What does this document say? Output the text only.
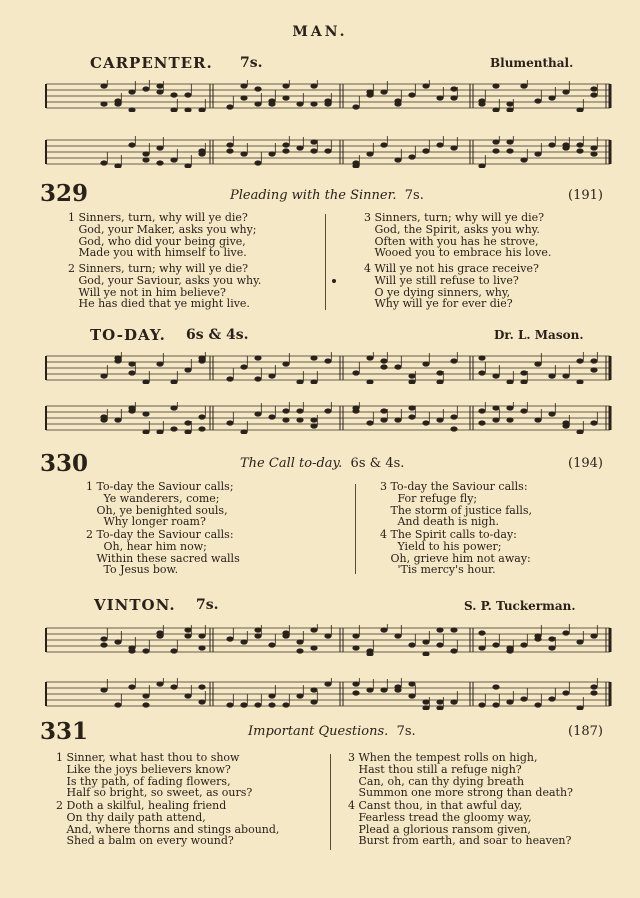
MAN.
CARPENTER. 7s.	Blumenthal.
329	Pleading with the Sinner. 7s.	(191)
1 Sinners, turn, why will ye die?
God, your Maker, asks you why;
God, who did your being give,
Made you with himself to live.
2 Sinners, turn; why will ye die?
God, your Saviour, asks you why.
Will ye not in him believe?
He has died that ye might live.
3 Sinners, turn; why will ye die?
God, the Spirit, asks you why.
Often with you has he strove,
Wooed you to embrace his love.
4 Will ye not his grace receive?
Will ye still refuse to live?
O ye dying sinners, why,
Why will ye for ever die?
TO-DAY. 6s & 4s.	Dr. L. Mason.
330	The Call to-day. 6s & 4s.	(194)
1 To-day the Saviour calls;
Ye wanderers, come;
Oh, ye benighted souls,
Why longer roam?
2 To-day the Saviour calls:
Oh, hear him now;
Within these sacred walls
To Jesus bow.
3 To-day the Saviour calls:
For refuge fly;
The storm of justice falls,
And death is nigh.
4 The Spirit calls to-day:
Yield to his power;
Oh, grieve him not away:
'Tis mercy's hour.
VINTON. 7s.	S. P. Tuckerman.
331	Important Questions. 7s.	(187)
1 Sinner, what hast thou to show
Like the joys believers know?
Is thy path, of fading flowers,
Half so bright, so sweet, as ours?
2 Doth a skilful, healing friend
On thy daily path attend,
And, where thorns and stings abound,
Shed a balm on every wound?
3 When the tempest rolls on high,
Hast thou still a refuge nigh?
Can, oh, can thy dying breath
Summon one more strong than death?
4 Canst thou, in that awful day,
Fearless tread the gloomy way,
Plead a glorious ransom given,
Burst from earth, and soar to heaven?
